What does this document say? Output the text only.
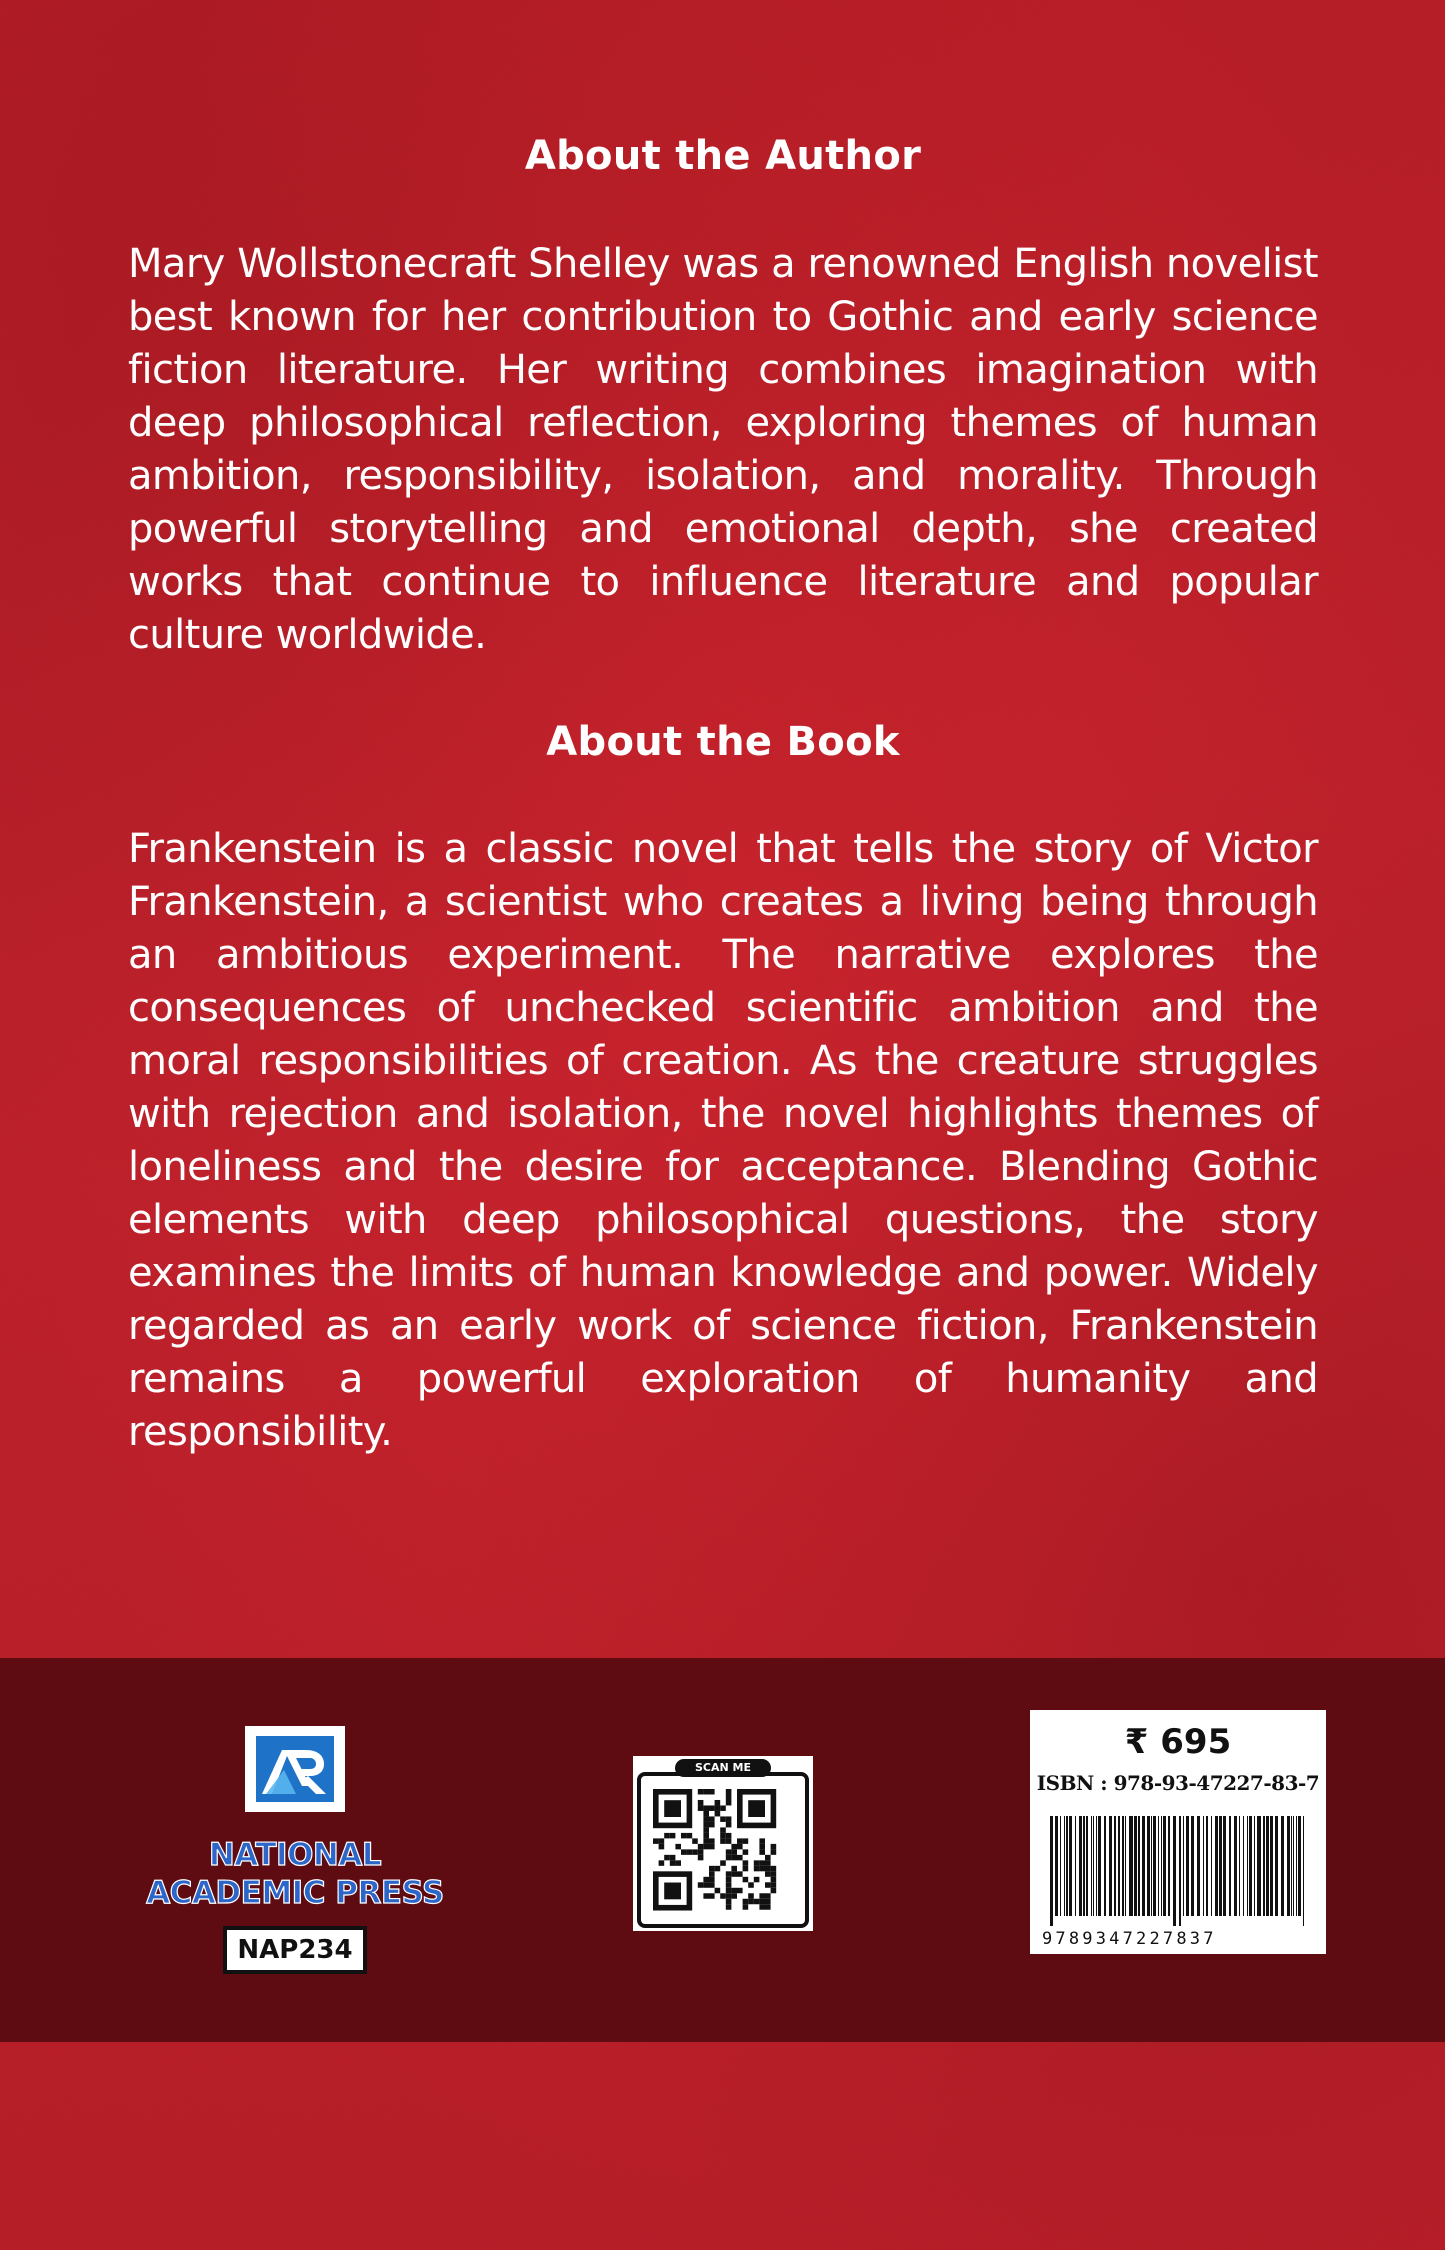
About the Author

Mary Wollstonecraft Shelley was a renowned English novelist best known for her contribution to Gothic and early science fiction literature. Her writing combines imagination with deep philosophical reflection, exploring themes of human ambition, responsibility, isolation, and morality. Through powerful storytelling and emotional depth, she created works that continue to influence literature and popular culture worldwide.

About the Book

Frankenstein is a classic novel that tells the story of Victor Frankenstein, a scientist who creates a living being through an ambitious experiment. The narrative explores the consequences of unchecked scientific ambition and the moral responsibilities of creation. As the creature struggles with rejection and isolation, the novel highlights themes of loneliness and the desire for acceptance. Blending Gothic elements with deep philosophical questions, the story examines the limits of human knowledge and power. Widely regarded as an early work of science fiction, Frankenstein remains a powerful exploration of humanity and responsibility.

NATIONAL
ACADEMIC PRESS
NAP234
SCAN ME
₹ 695
ISBN : 978-93-47227-83-7
9789347227837
